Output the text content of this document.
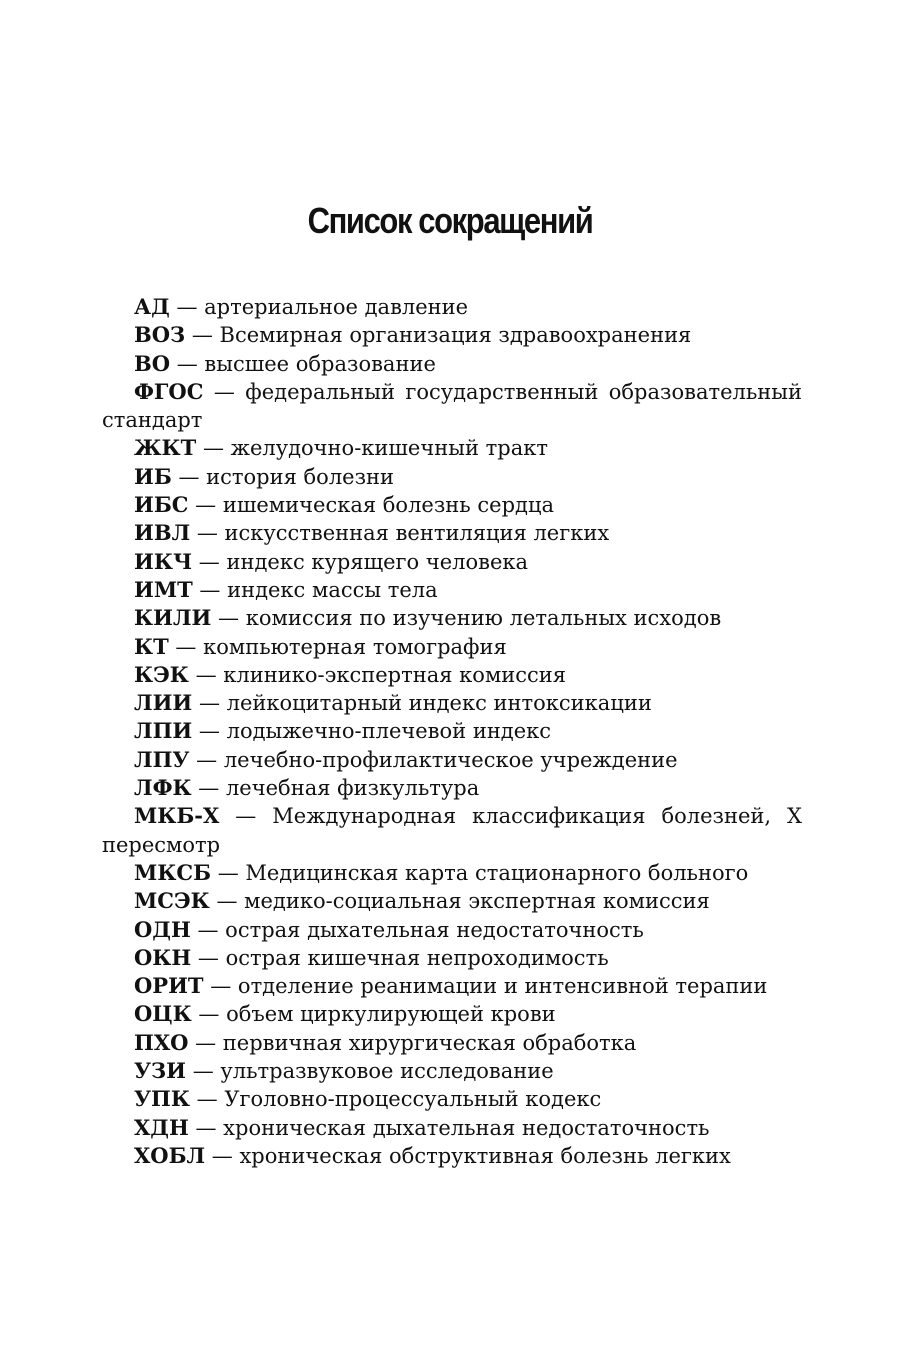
Список сокращений
АД — артериальное давление
ВОЗ — Всемирная организация здравоохранения
ВО — высшее образование
ФГОС — федеральный государственный образовательный стандарт
ЖКТ — желудочно-кишечный тракт
ИБ — история болезни
ИБС — ишемическая болезнь сердца
ИВЛ — искусственная вентиляция легких
ИКЧ — индекс курящего человека
ИМТ — индекс массы тела
КИЛИ — комиссия по изучению летальных исходов
КТ — компьютерная томография
КЭК — клинико-экспертная комиссия
ЛИИ — лейкоцитарный индекс интоксикации
ЛПИ — лодыжечно-плечевой индекс
ЛПУ — лечебно-профилактическое учреждение
ЛФК — лечебная физкультура
МКБ-Х — Международная классификация болезней, Х пересмотр
МКСБ — Медицинская карта стационарного больного
МСЭК — медико-социальная экспертная комиссия
ОДН — острая дыхательная недостаточность
ОКН — острая кишечная непроходимость
ОРИТ — отделение реанимации и интенсивной терапии
ОЦК — объем циркулирующей крови
ПХО — первичная хирургическая обработка
УЗИ — ультразвуковое исследование
УПК — Уголовно-процессуальный кодекс
ХДН — хроническая дыхательная недостаточность
ХОБЛ — хроническая обструктивная болезнь легких
